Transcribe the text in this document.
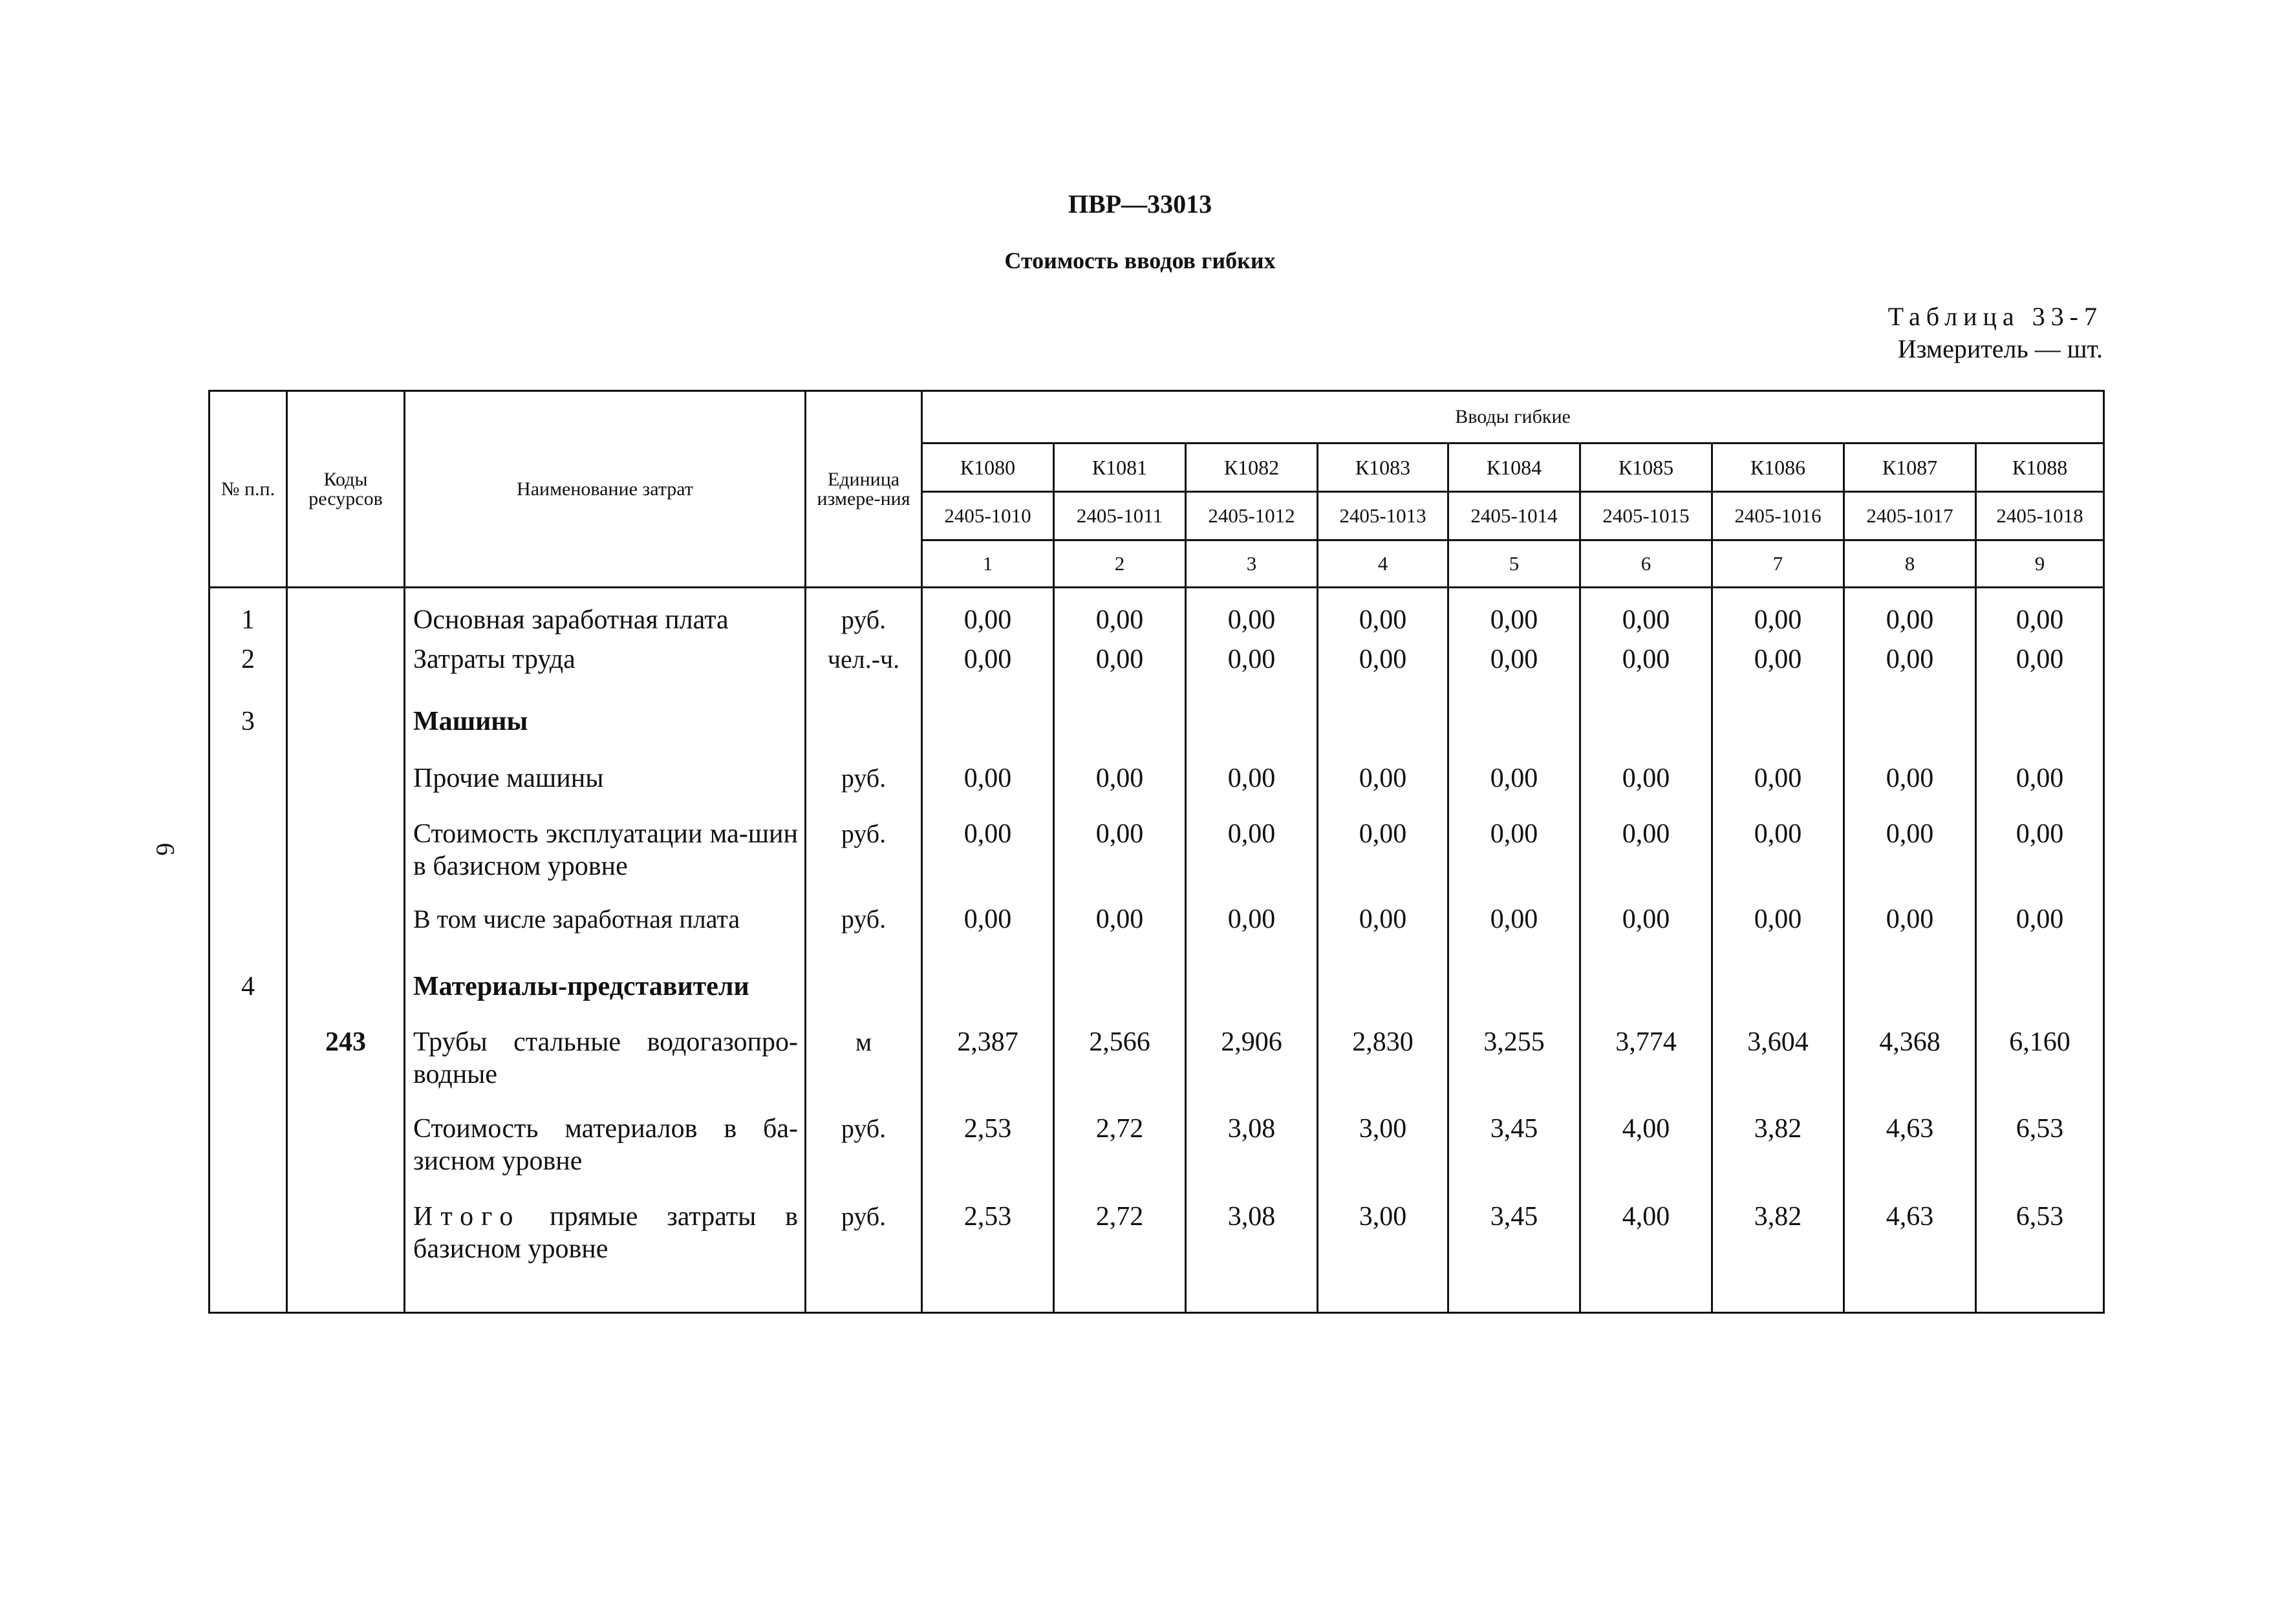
ПВР—33013
Стоимость вводов гибких
Таблица 33-7
Измеритель — шт.
6
№ п.п.	Коды ресурсов	Наименование затрат	Единица измере-ния	Вводы гибкие								
				К1080	К1081	К1082	К1083	К1084	К1085	К1086	К1087	К1088
				2405-1010	2405-1011	2405-1012	2405-1013	2405-1014	2405-1015	2405-1016	2405-1017	2405-1018
				1	2	3	4	5	6	7	8	9
1		Основная заработная плата	руб.	0,00	0,00	0,00	0,00	0,00	0,00	0,00	0,00	0,00
2		Затраты труда	чел.-ч.	0,00	0,00	0,00	0,00	0,00	0,00	0,00	0,00	0,00
3		Машины										
		Прочие машины	руб.	0,00	0,00	0,00	0,00	0,00	0,00	0,00	0,00	0,00
		Стоимость эксплуатации ма-шин в базисном уровне	руб.	0,00	0,00	0,00	0,00	0,00	0,00	0,00	0,00	0,00
		В том числе заработная плата	руб.	0,00	0,00	0,00	0,00	0,00	0,00	0,00	0,00	0,00
4		Материалы-представители										
	243	Трубы стальные водогазопро-водные	м	2,387	2,566	2,906	2,830	3,255	3,774	3,604	4,368	6,160
		Стоимость материалов в ба-зисном уровне	руб.	2,53	2,72	3,08	3,00	3,45	4,00	3,82	4,63	6,53
		Итого прямые затраты в базисном уровне	руб.	2,53	2,72	3,08	3,00	3,45	4,00	3,82	4,63	6,53
